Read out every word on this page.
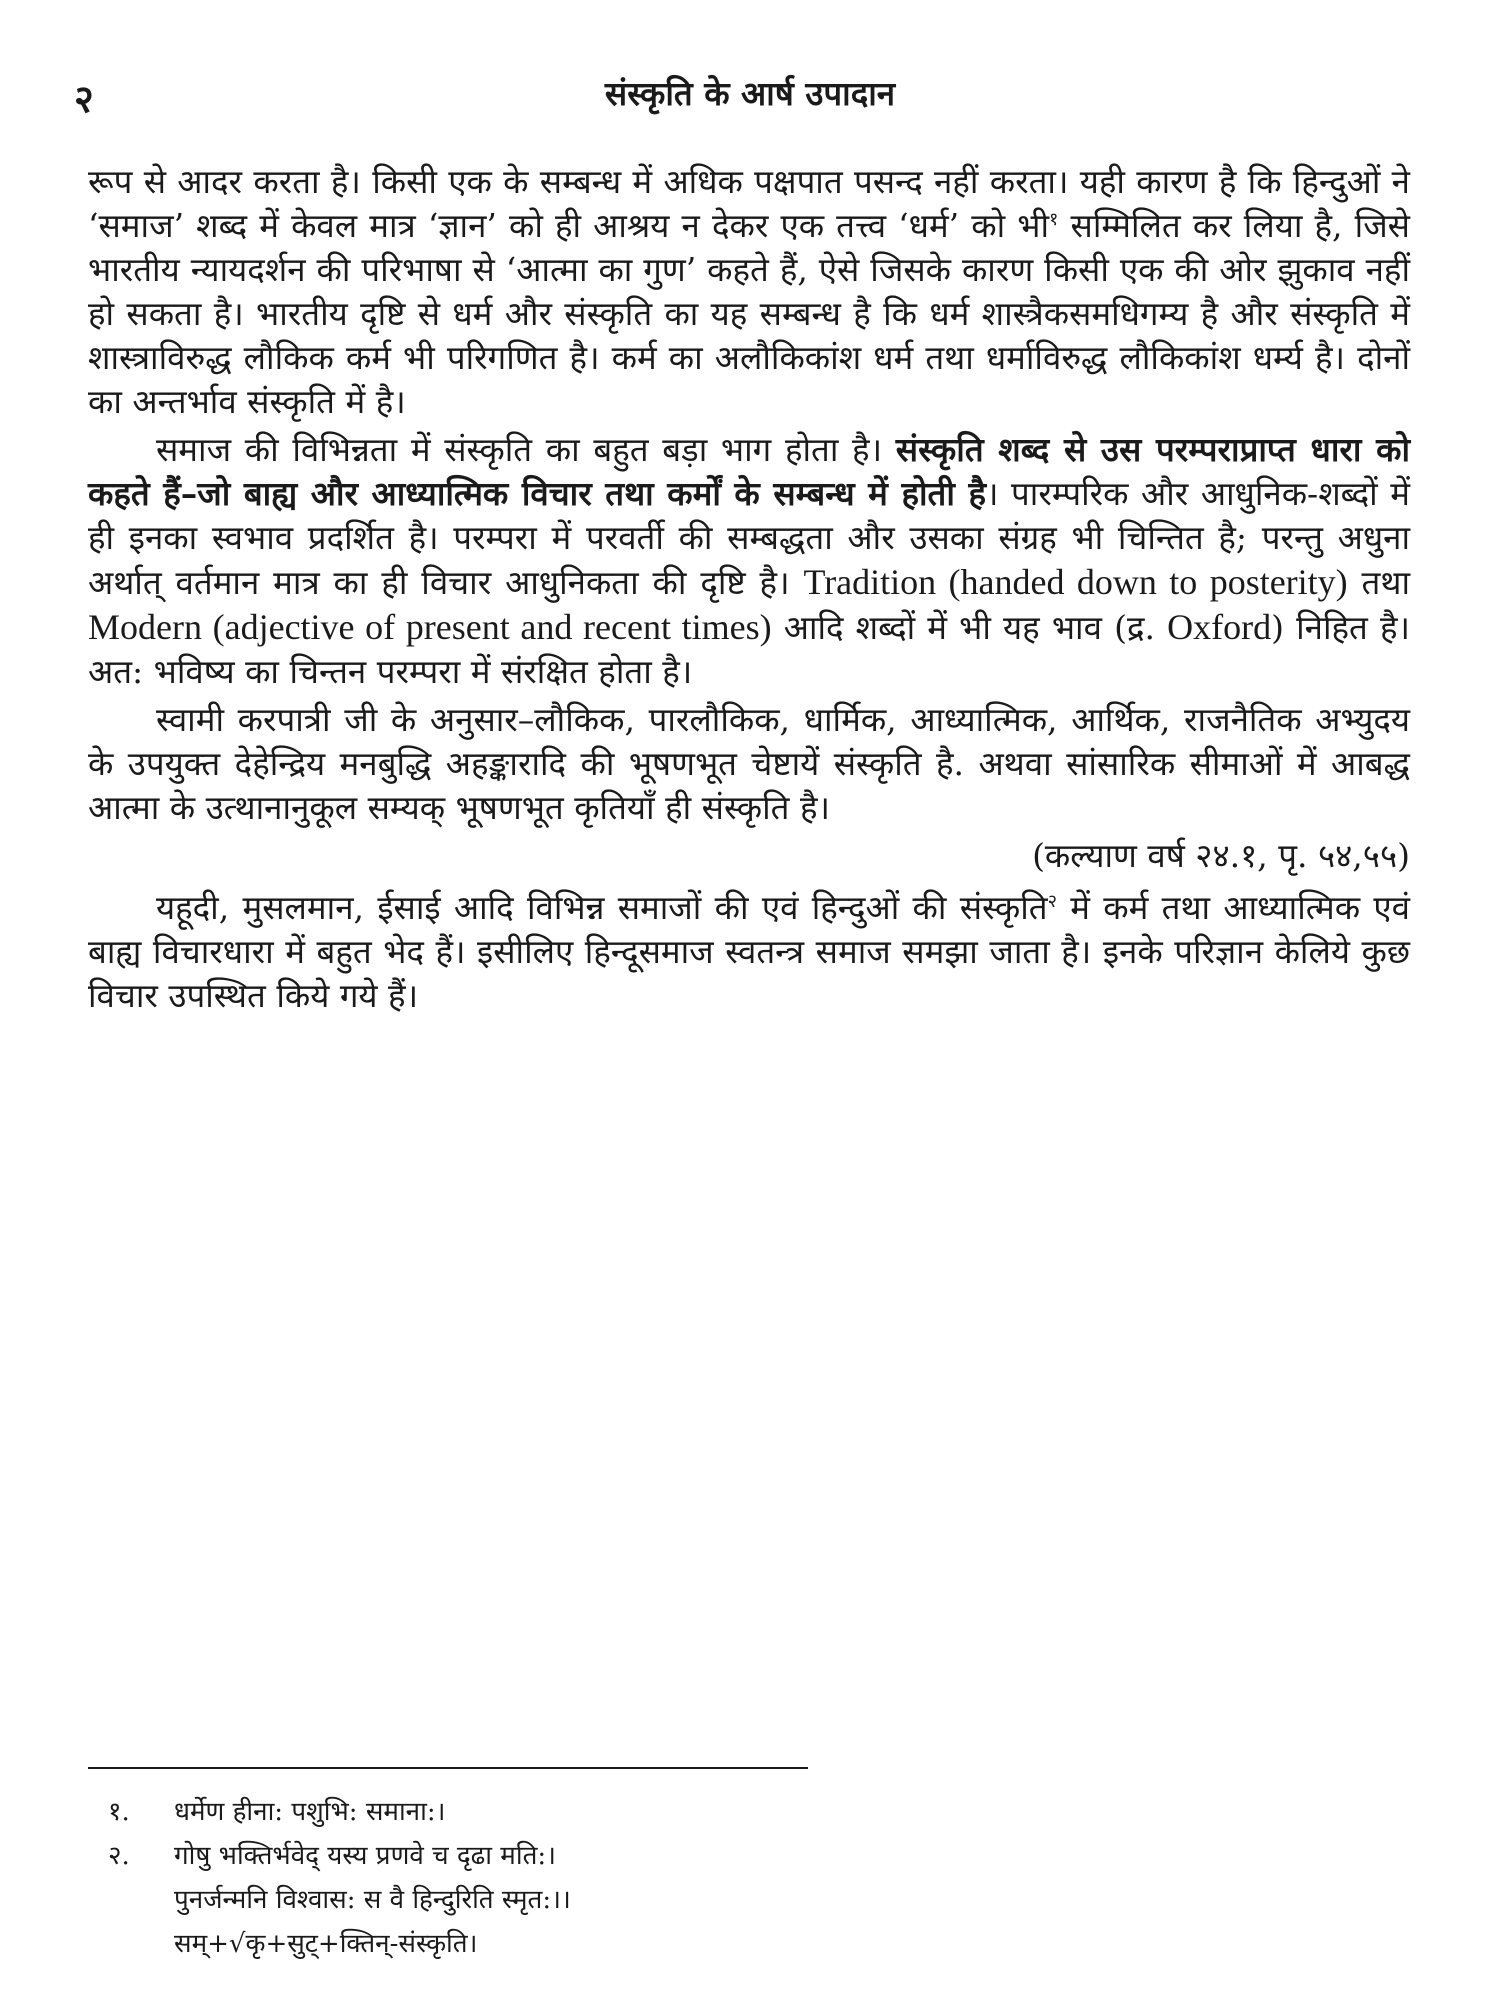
२	संस्कृति के आर्ष उपादान

रूप से आदर करता है। किसी एक के सम्बन्ध में अधिक पक्षपात पसन्द नहीं करता। यही कारण है कि हिन्दुओं ने ‘समाज’ शब्द में केवल मात्र ‘ज्ञान’ को ही आश्रय न देकर एक तत्त्व ‘धर्म’ को भी$^१$ सम्मिलित कर लिया है, जिसे भारतीय न्यायदर्शन की परिभाषा से ‘आत्मा का गुण’ कहते हैं, ऐसे जिसके कारण किसी एक की ओर झुकाव नहीं हो सकता है। भारतीय दृष्टि से धर्म और संस्कृति का यह सम्बन्ध है कि धर्म शास्त्रैकसमधिगम्य है और संस्कृति में शास्त्राविरुद्ध लौकिक कर्म भी परिगणित है। कर्म का अलौकिकांश धर्म तथा धर्माविरुद्ध लौकिकांश धर्म्य है। दोनों का अन्तर्भाव संस्कृति में है।

समाज की विभिन्नता में संस्कृति का बहुत बड़ा भाग होता है। संस्कृति शब्द से उस परम्पराप्राप्त धारा को कहते हैं–जो बाह्य और आध्यात्मिक विचार तथा कर्मों के सम्बन्ध में होती है। पारम्परिक और आधुनिक-शब्दों में ही इनका स्वभाव प्रदर्शित है। परम्परा में परवर्ती की सम्बद्धता और उसका संग्रह भी चिन्तित है; परन्तु अधुना अर्थात् वर्तमान मात्र का ही विचार आधुनिकता की दृष्टि है। Tradition (handed down to posterity) तथा Modern (adjective of present and recent times) आदि शब्दों में भी यह भाव (द्र. Oxford) निहित है। अत: भविष्य का चिन्तन परम्परा में संरक्षित होता है।

स्वामी करपात्री जी के अनुसार–लौकिक, पारलौकिक, धार्मिक, आध्यात्मिक, आर्थिक, राजनैतिक अभ्युदय के उपयुक्त देहेन्द्रिय मनबुद्धि अहङ्कारादि की भूषणभूत चेष्टायें संस्कृति है. अथवा सांसारिक सीमाओं में आबद्ध आत्मा के उत्थानानुकूल सम्यक् भूषणभूत कृतियाँ ही संस्कृति है।

(कल्याण वर्ष २४.१, पृ. ५४,५५)

यहूदी, मुसलमान, ईसाई आदि विभिन्न समाजों की एवं हिन्दुओं की संस्कृति$^२$ में कर्म तथा आध्यात्मिक एवं बाह्य विचारधारा में बहुत भेद हैं। इसीलिए हिन्दूसमाज स्वतन्त्र समाज समझा जाता है। इनके परिज्ञान केलिये कुछ विचार उपस्थित किये गये हैं।

१. धर्मेण हीना: पशुभि: समाना:।
२. गोषु भक्तिर्भवेद् यस्य प्रणवे च दृढा मति:।
पुनर्जन्मनि विश्वास: स वै हिन्दुरिति स्मृत:।।
सम्+√कृ+सुट्+क्तिन्-संस्कृति।
